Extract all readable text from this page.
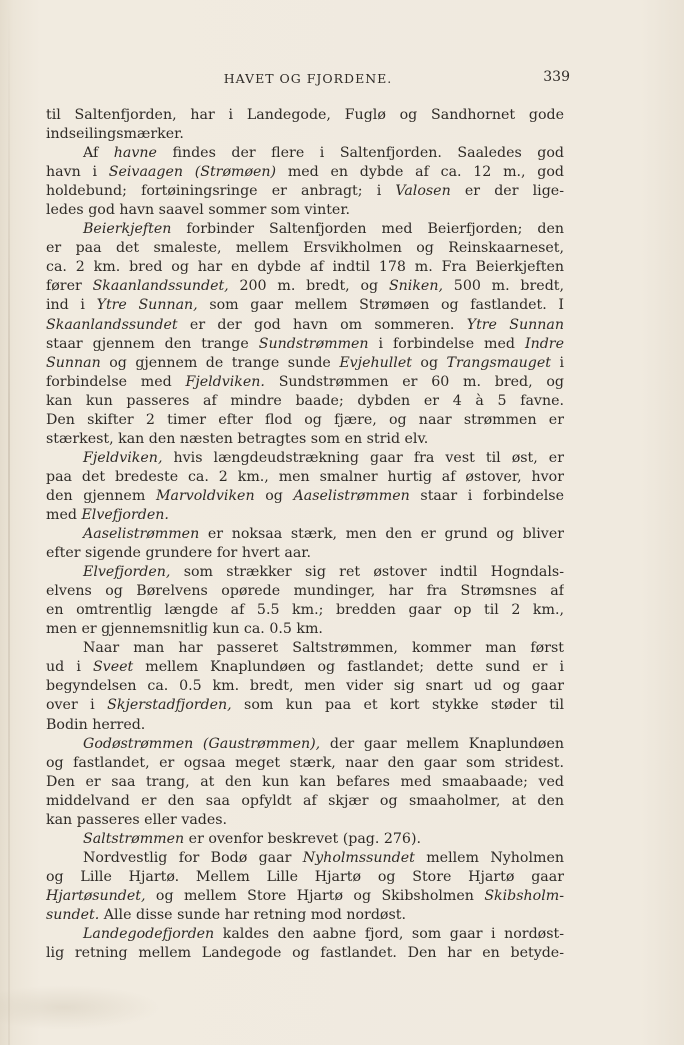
HAVET OG FJORDENE.	339
til Saltenfjorden, har i Landegode, Fuglø og Sandhornet gode
indseilingsmærker.
Af havne findes der flere i Saltenfjorden. Saaledes god
havn i Seivaagen (Strømøen) med en dybde af ca. 12 m., god
holdebund; fortøiningsringe er anbragt; i Valosen er der lige-
ledes god havn saavel sommer som vinter.
Beierkjeften forbinder Saltenfjorden med Beierfjorden; den
er paa det smaleste, mellem Ersvikholmen og Reinskaarneset,
ca. 2 km. bred og har en dybde af indtil 178 m. Fra Beierkjeften
fører Skaanlandssundet, 200 m. bredt, og Sniken, 500 m. bredt,
ind i Ytre Sunnan, som gaar mellem Strømøen og fastlandet. I
Skaanlandssundet er der god havn om sommeren. Ytre Sunnan
staar gjennem den trange Sundstrømmen i forbindelse med Indre
Sunnan og gjennem de trange sunde Evjehullet og Trangsmauget i
forbindelse med Fjeldviken. Sundstrømmen er 60 m. bred, og
kan kun passeres af mindre baade; dybden er 4 à 5 favne.
Den skifter 2 timer efter flod og fjære, og naar strømmen er
stærkest, kan den næsten betragtes som en strid elv.
Fjeldviken, hvis længdeudstrækning gaar fra vest til øst, er
paa det bredeste ca. 2 km., men smalner hurtig af østover, hvor
den gjennem Marvoldviken og Aaselistrømmen staar i forbindelse
med Elvefjorden.
Aaselistrømmen er noksaa stærk, men den er grund og bliver
efter sigende grundere for hvert aar.
Elvefjorden, som strækker sig ret østover indtil Hogndals-
elvens og Børelvens opørede mundinger, har fra Strømsnes af
en omtrentlig længde af 5.5 km.; bredden gaar op til 2 km.,
men er gjennemsnitlig kun ca. 0.5 km.
Naar man har passeret Saltstrømmen, kommer man først
ud i Sveet mellem Knaplundøen og fastlandet; dette sund er i
begyndelsen ca. 0.5 km. bredt, men vider sig snart ud og gaar
over i Skjerstadfjorden, som kun paa et kort stykke støder til
Bodin herred.
Godøstrømmen (Gaustrømmen), der gaar mellem Knaplundøen
og fastlandet, er ogsaa meget stærk, naar den gaar som stridest.
Den er saa trang, at den kun kan befares med smaabaade; ved
middelvand er den saa opfyldt af skjær og smaaholmer, at den
kan passeres eller vades.
Saltstrømmen er ovenfor beskrevet (pag. 276).
Nordvestlig for Bodø gaar Nyholmssundet mellem Nyholmen
og Lille Hjartø. Mellem Lille Hjartø og Store Hjartø gaar
Hjartøsundet, og mellem Store Hjartø og Skibsholmen Skibsholm-
sundet. Alle disse sunde har retning mod nordøst.
Landegodefjorden kaldes den aabne fjord, som gaar i nordøst-
lig retning mellem Landegode og fastlandet. Den har en betyde-
